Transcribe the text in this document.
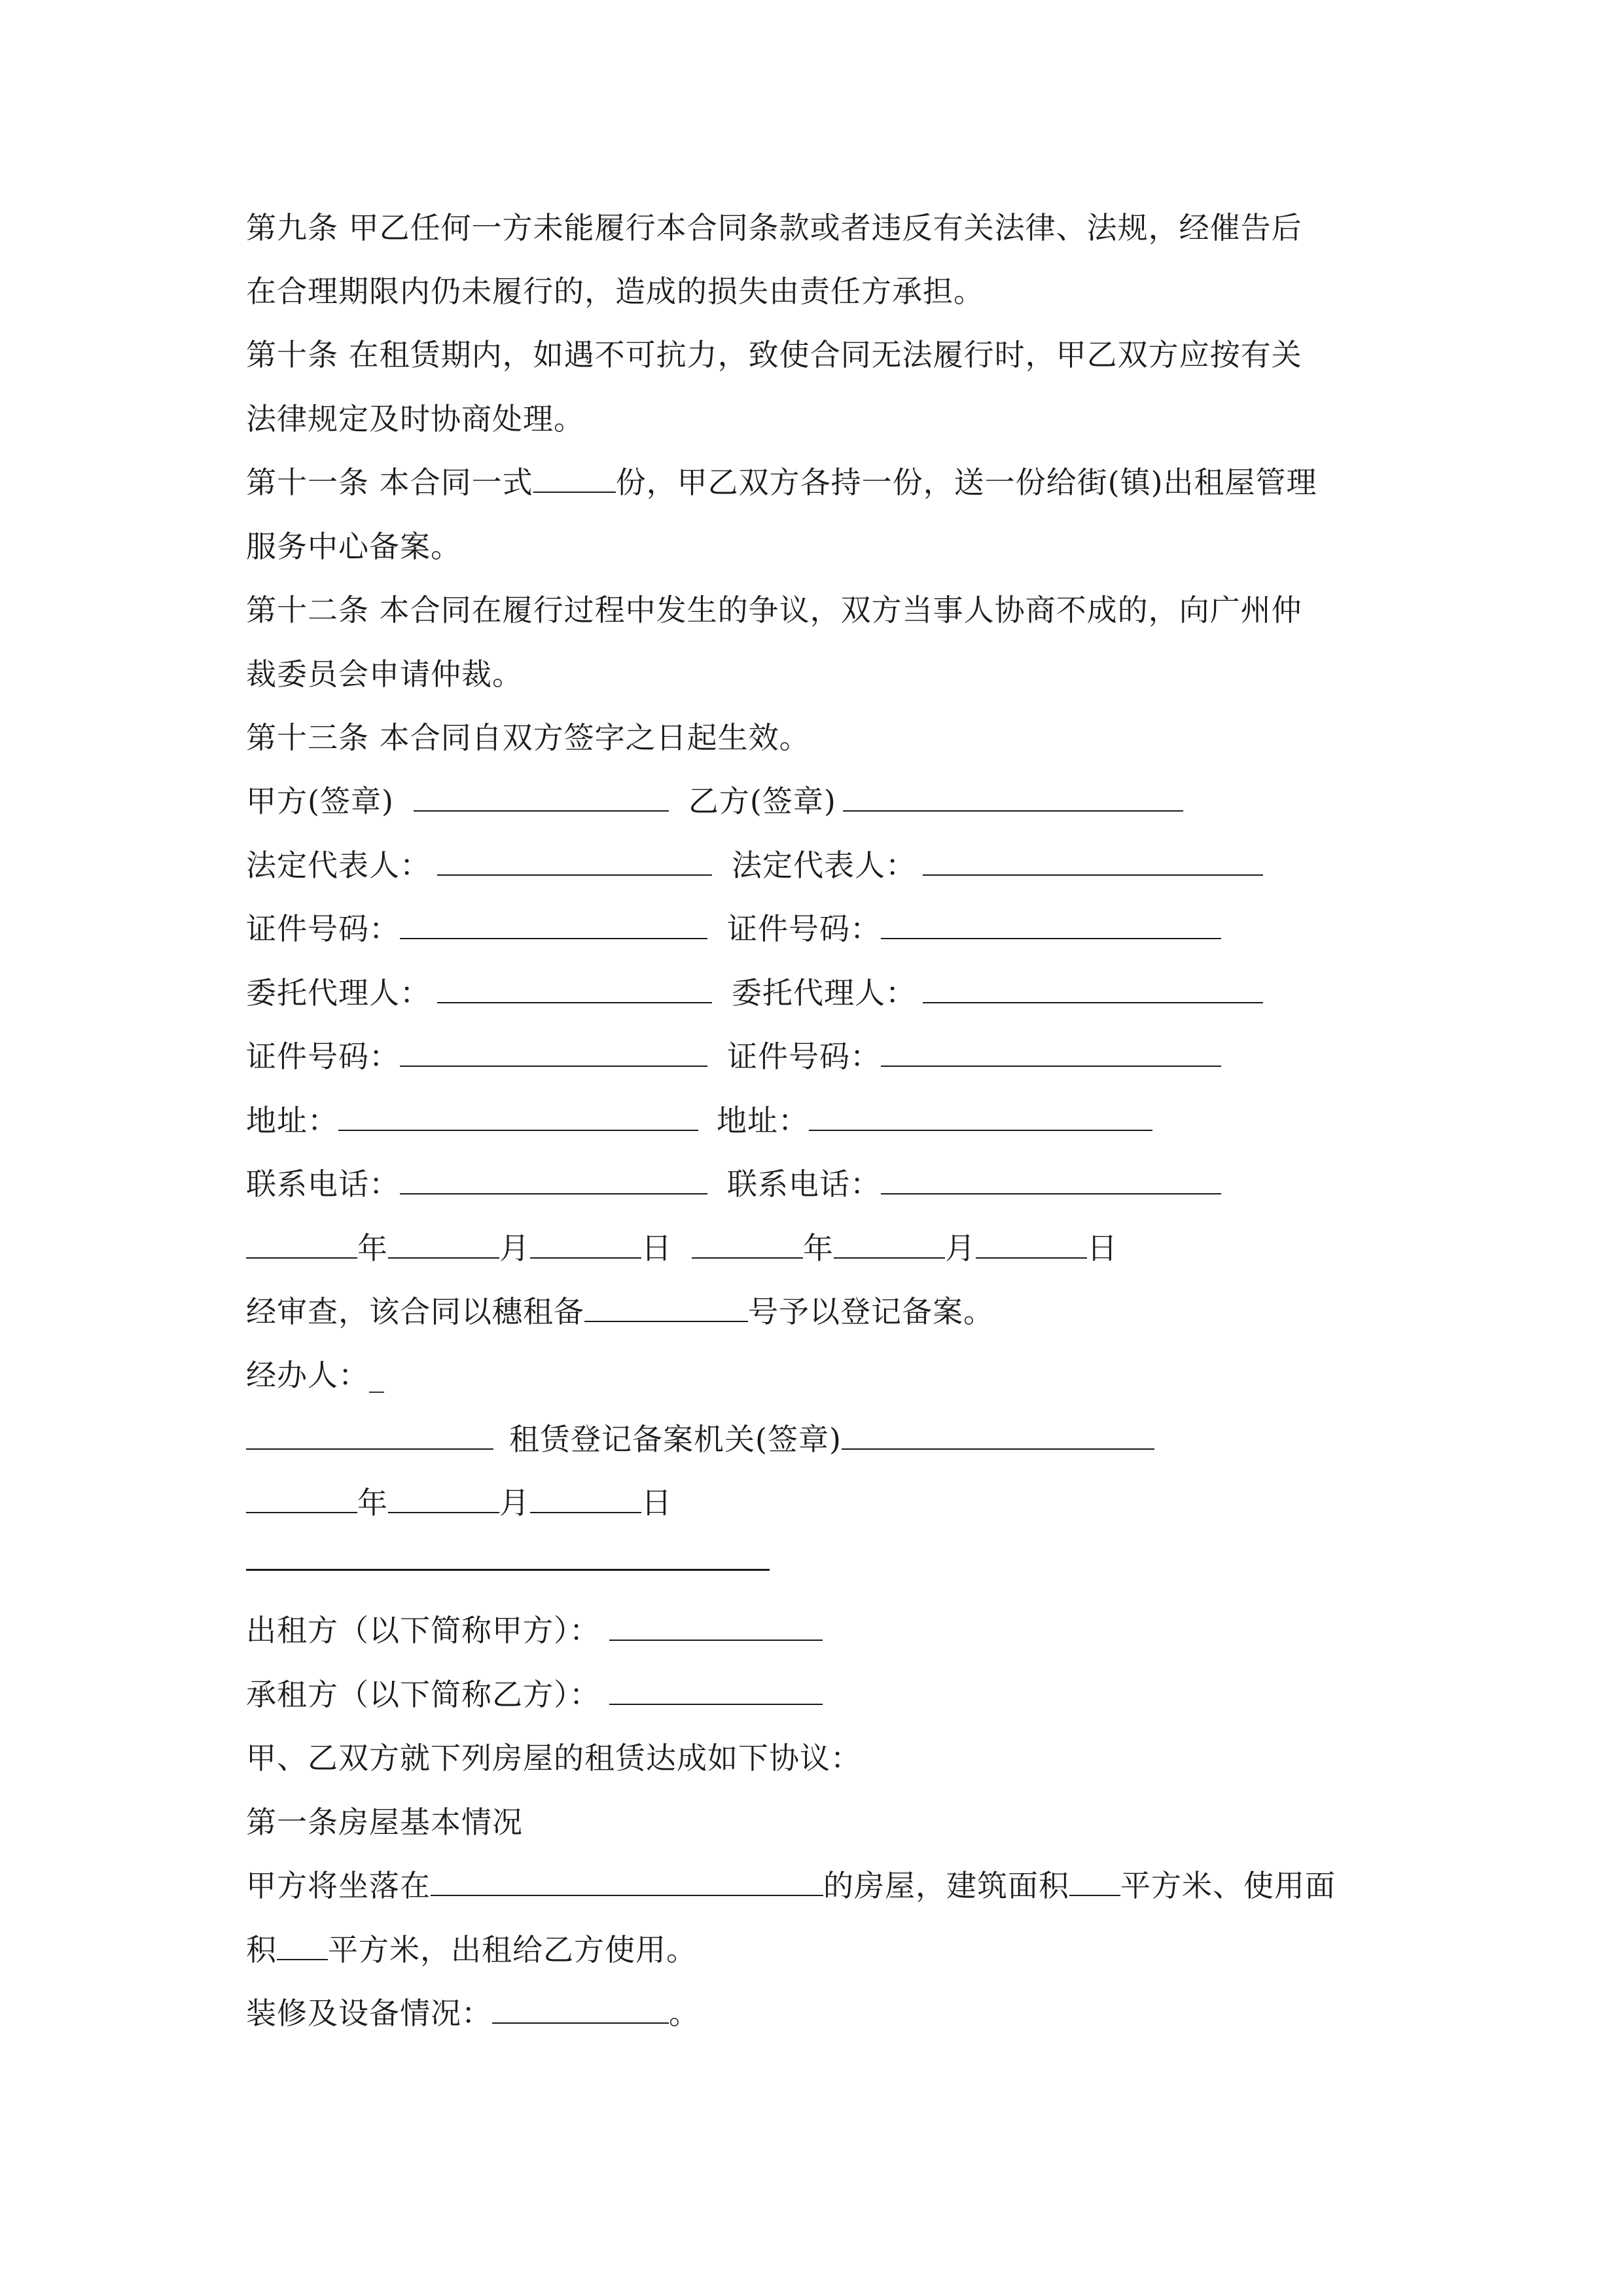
第九条 甲乙任何一方未能履行本合同条款或者违反有关法律、法规，经催告后
在合理期限内仍未履行的，造成的损失由责任方承担。
第十条 在租赁期内，如遇不可抗力，致使合同无法履行时，甲乙双方应按有关
法律规定及时协商处理。
第十一条 本合同一式	份，甲乙双方各持一份，送一份给街(镇)出租屋管理
服务中心备案。
第十二条 本合同在履行过程中发生的争议，双方当事人协商不成的，向广州仲
裁委员会申请仲裁。
第十三条 本合同自双方签字之日起生效。
甲方(签章)	乙方(签章)
法定代表人：	法定代表人：
证件号码：	证件号码：
委托代理人：	委托代理人：
证件号码：	证件号码：
地址：	地址：
联系电话：	联系电话：
年	月	日	年	月	日
经审查，该合同以穗租备	号予以登记备案。
经办人：_
租赁登记备案机关(签章)
年	月	日
出租方（以下简称甲方）：
承租方（以下简称乙方）：
甲、乙双方就下列房屋的租赁达成如下协议：
第一条房屋基本情况
甲方将坐落在	的房屋，建筑面积 平方米、使用面
积 平方米，出租给乙方使用。
装修及设备情况：	。
